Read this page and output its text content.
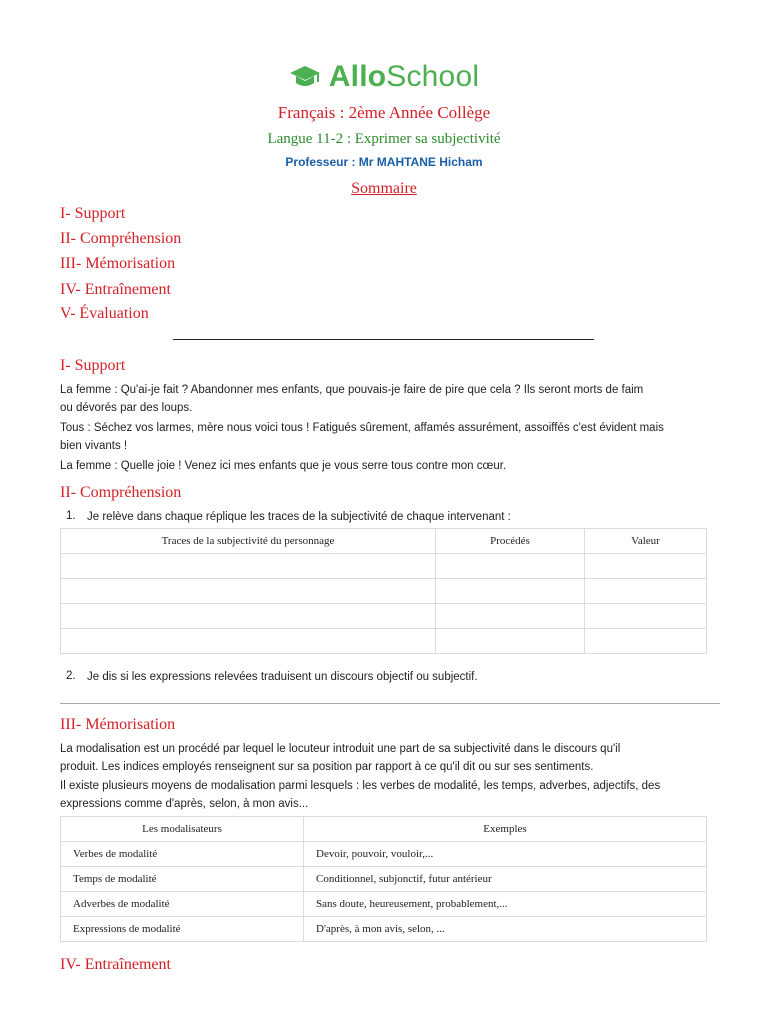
AlloSchool
Français : 2ème Année Collège
Langue 11-2 : Exprimer sa subjectivité
Professeur : Mr MAHTANE Hicham
Sommaire
I- Support
II- Compréhension
III- Mémorisation
IV- Entraînement
V- Évaluation
I- Support
La femme : Qu'ai-je fait ? Abandonner mes enfants, que pouvais-je faire de pire que cela ? Ils seront morts de faim
ou dévorés par des loups.
Tous : Séchez vos larmes, mère nous voici tous ! Fatigués sûrement, affamés assurément, assoiffés c'est évident mais
bien vivants !
La femme : Quelle joie ! Venez ici mes enfants que je vous serre tous contre mon cœur.
II- Compréhension
1. Je relève dans chaque réplique les traces de la subjectivité de chaque intervenant :
Traces de la subjectivité du personnage	Procédés	Valeur

2. Je dis si les expressions relevées traduisent un discours objectif ou subjectif.
III- Mémorisation
La modalisation est un procédé par lequel le locuteur introduit une part de sa subjectivité dans le discours qu'il
produit. Les indices employés renseignent sur sa position par rapport à ce qu'il dit ou sur ses sentiments.
Il existe plusieurs moyens de modalisation parmi lesquels : les verbes de modalité, les temps, adverbes, adjectifs, des
expressions comme d'après, selon, à mon avis...
Les modalisateurs	Exemples
Verbes de modalité	Devoir, pouvoir, vouloir,...
Temps de modalité	Conditionnel, subjonctif, futur antérieur
Adverbes de modalité	Sans doute, heureusement, probablement,...
Expressions de modalité	D'après, à mon avis, selon, ...
IV- Entraînement
